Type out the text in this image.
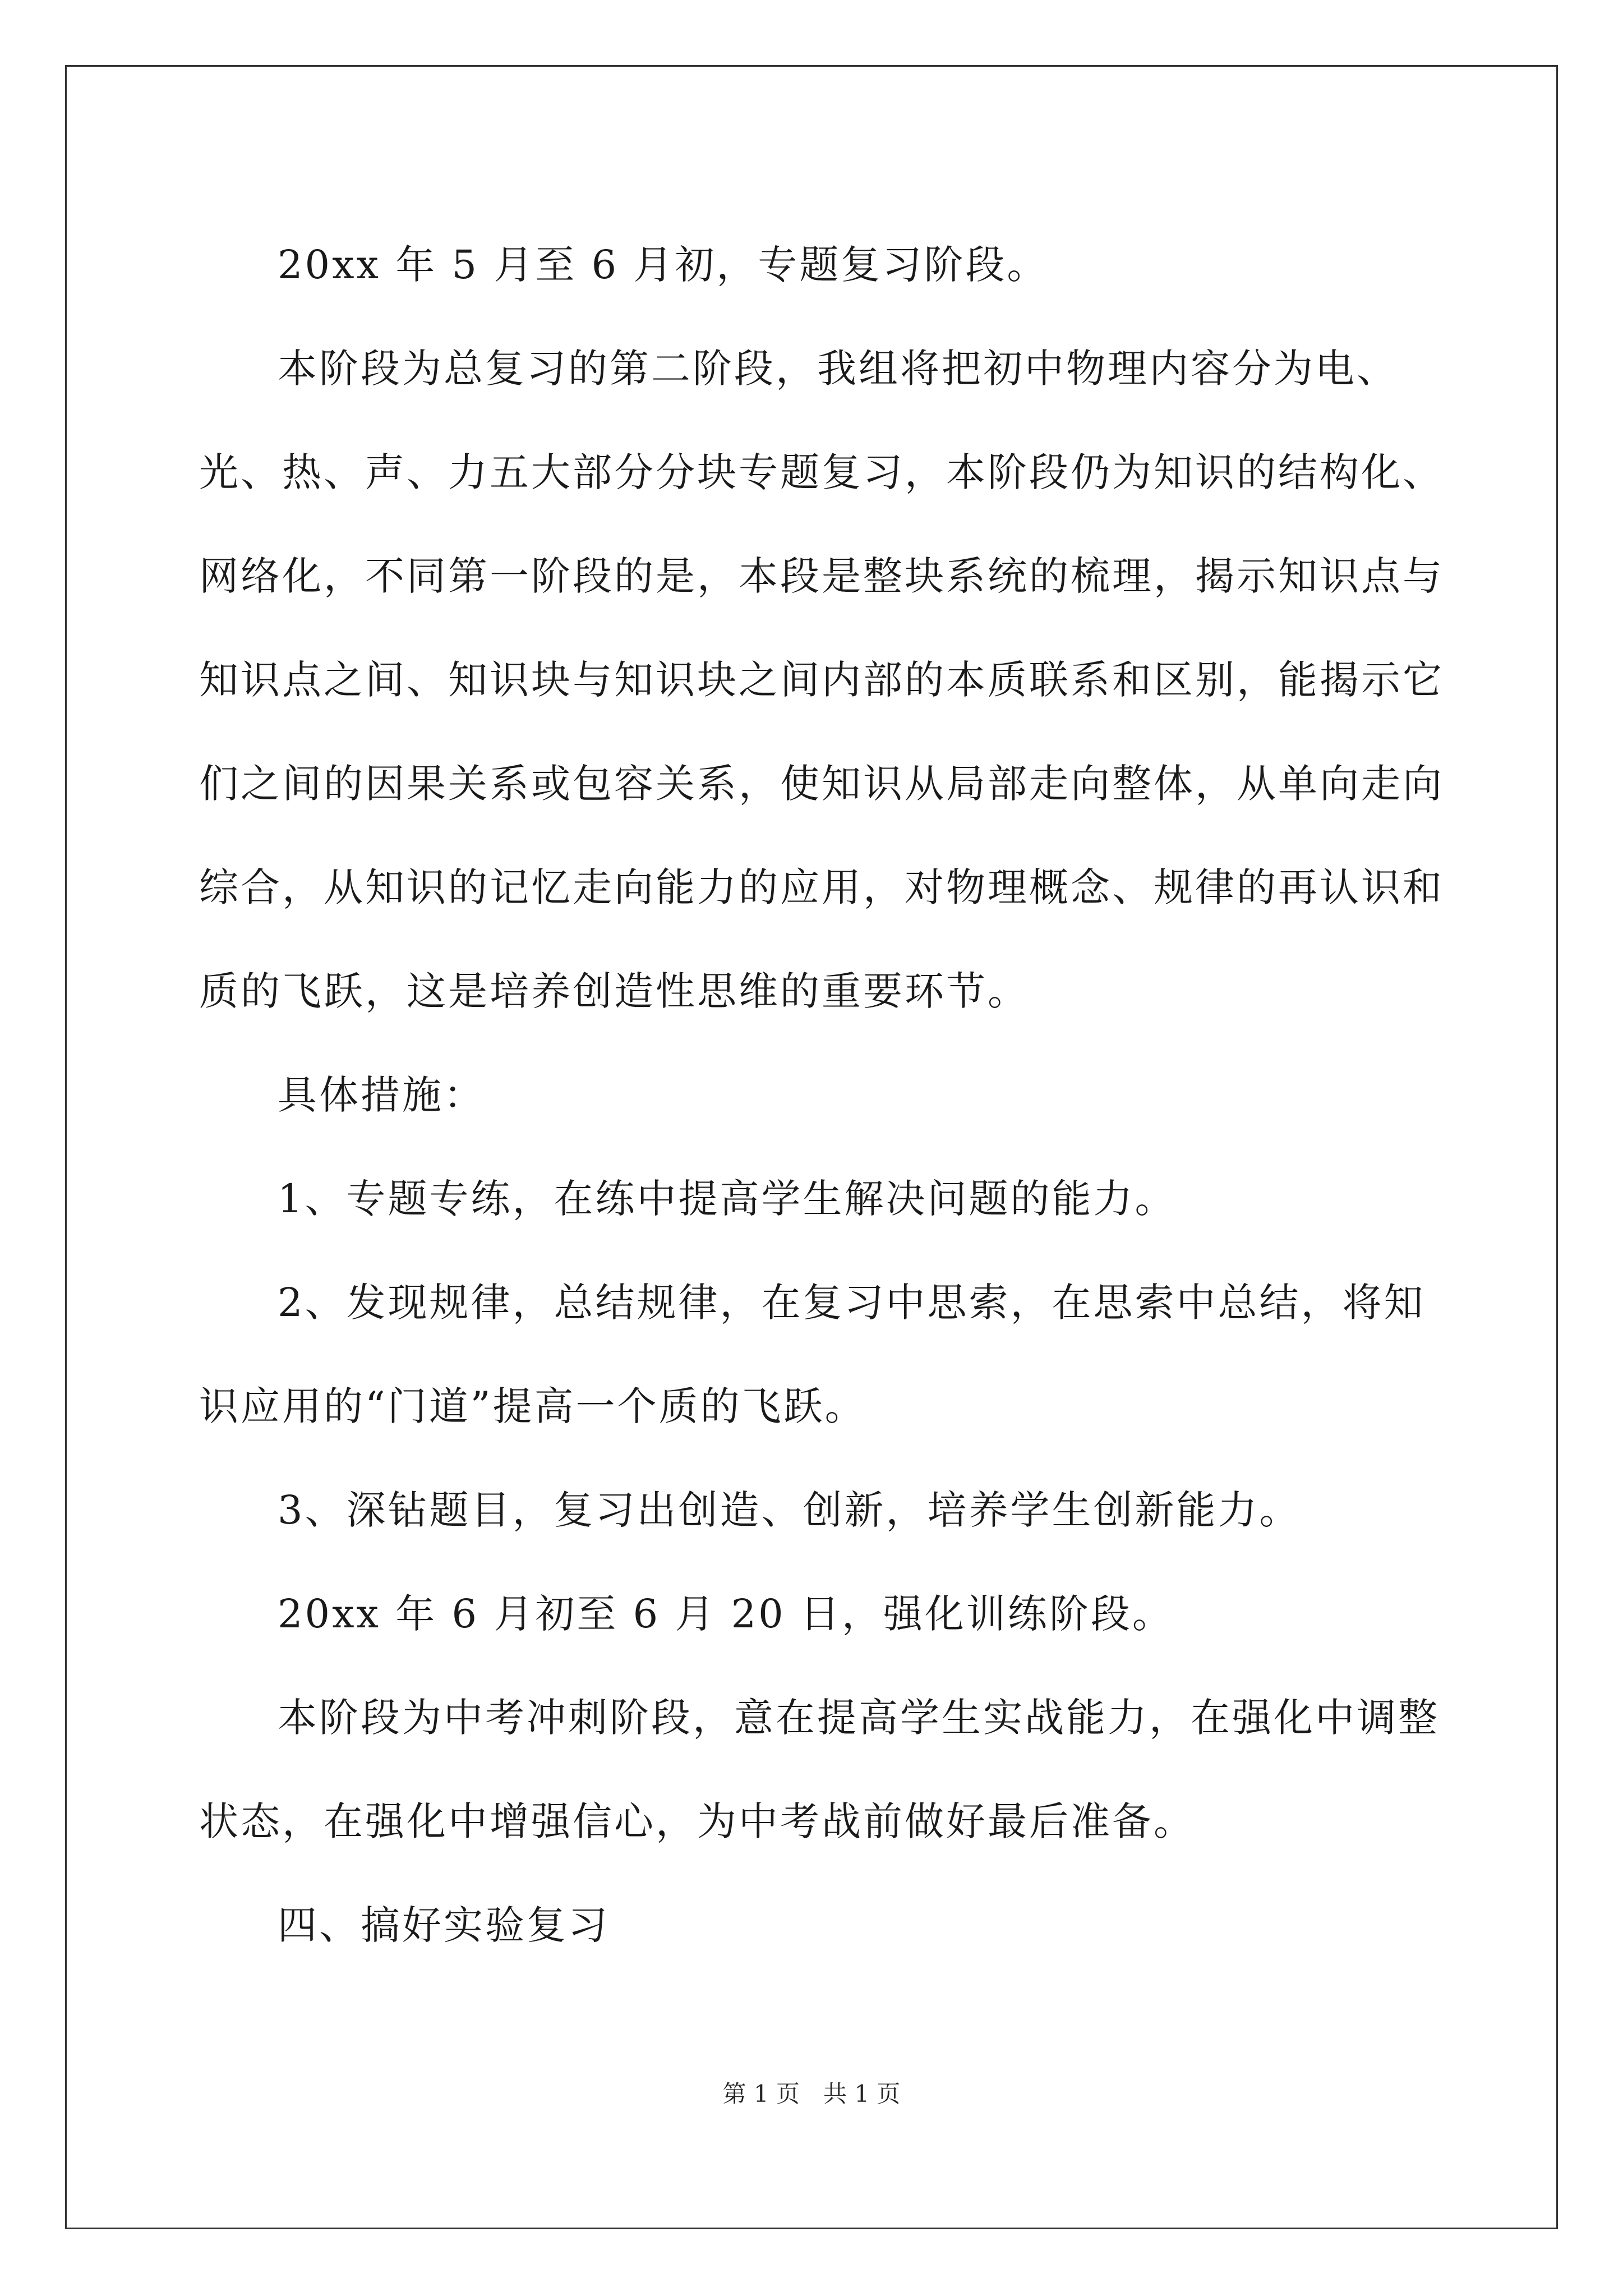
20xx 年 5 月至 6 月初，专题复习阶段。

本阶段为总复习的第二阶段，我组将把初中物理内容分为电、光、热、声、力五大部分分块专题复习，本阶段仍为知识的结构化、网络化，不同第一阶段的是，本段是整块系统的梳理，揭示知识点与知识点之间、知识块与知识块之间内部的本质联系和区别，能揭示它们之间的因果关系或包容关系，使知识从局部走向整体，从单向走向综合，从知识的记忆走向能力的应用，对物理概念、规律的再认识和质的飞跃，这是培养创造性思维的重要环节。

具体措施：

1、专题专练，在练中提高学生解决问题的能力。

2、发现规律，总结规律，在复习中思索，在思索中总结，将知识应用的“门道”提高一个质的飞跃。

3、深钻题目，复习出创造、创新，培养学生创新能力。

20xx 年 6 月初至 6 月 20 日，强化训练阶段。

本阶段为中考冲刺阶段，意在提高学生实战能力，在强化中调整状态，在强化中增强信心，为中考战前做好最后准备。

四、搞好实验复习

第 1 页　共 1 页
